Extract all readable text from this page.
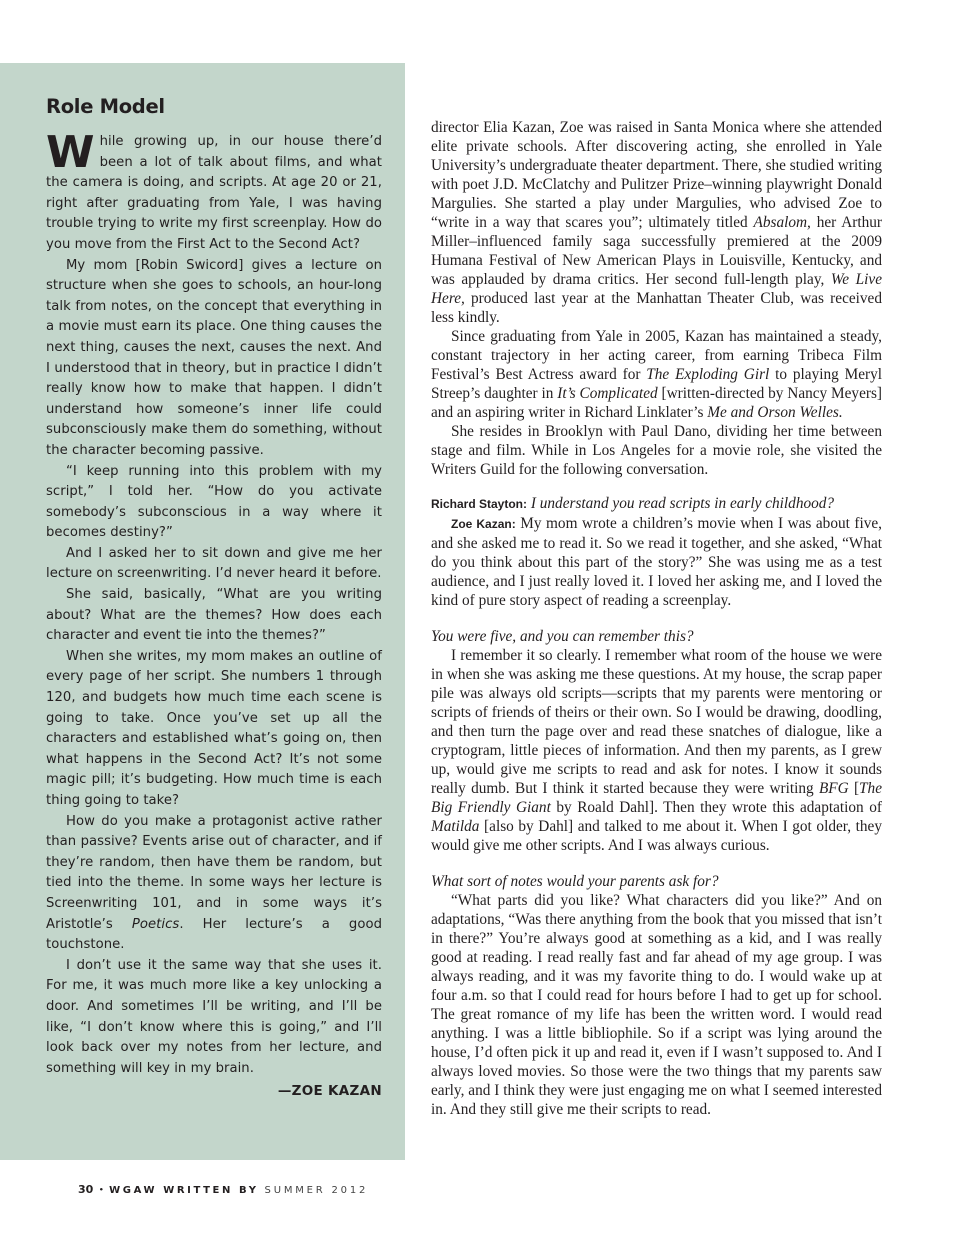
Role Model

While growing up, in our house there’d been a lot of talk about films, and what the camera is doing, and scripts. At age 20 or 21, right after graduating from Yale, I was having trouble trying to write my first screenplay. How do you move from the First Act to the Second Act?

My mom [Robin Swicord] gives a lecture on structure when she goes to schools, an hour-long talk from notes, on the concept that everything in a movie must earn its place. One thing causes the next thing, causes the next, causes the next. And I understood that in theory, but in practice I didn’t really know how to make that happen. I didn’t understand how someone’s inner life could subconsciously make them do something, without the character becoming passive.

“I keep running into this problem with my script,” I told her. “How do you activate somebody’s subconscious in a way where it becomes destiny?”

And I asked her to sit down and give me her lecture on screenwriting. I’d never heard it before.

She said, basically, “What are you writing about? What are the themes? How does each character and event tie into the themes?”

When she writes, my mom makes an outline of every page of her script. She numbers 1 through 120, and budgets how much time each scene is going to take. Once you’ve set up all the characters and established what’s going on, then what happens in the Second Act? It’s not some magic pill; it’s budgeting. How much time is each thing going to take?

How do you make a protagonist active rather than passive? Events arise out of character, and if they’re random, then have them be random, but tied into the theme. In some ways her lecture is Screenwriting 101, and in some ways it’s Aristotle’s Poetics. Her lecture’s a good touchstone.

I don’t use it the same way that she uses it. For me, it was much more like a key unlocking a door. And sometimes I’ll be writing, and I’ll be like, “I don’t know where this is going,” and I’ll look back over my notes from her lecture, and something will key in my brain.

—ZOE KAZAN

director Elia Kazan, Zoe was raised in Santa Monica where she attended elite private schools. After discovering acting, she enrolled in Yale University’s undergraduate theater department. There, she studied writing with poet J.D. McClatchy and Pulitzer Prize–winning playwright Donald Margulies. She started a play under Margulies, who advised Zoe to “write in a way that scares you”; ultimately titled Absalom, her Arthur Miller–influenced family saga successfully premiered at the 2009 Humana Festival of New American Plays in Louisville, Kentucky, and was applauded by drama critics. Her second full-length play, We Live Here, produced last year at the Manhattan Theater Club, was received less kindly.

Since graduating from Yale in 2005, Kazan has maintained a steady, constant trajectory in her acting career, from earning Tribeca Film Festival’s Best Actress award for The Exploding Girl to playing Meryl Streep’s daughter in It’s Complicated [written-directed by Nancy Meyers] and an aspiring writer in Richard Linklater’s Me and Orson Welles.

She resides in Brooklyn with Paul Dano, dividing her time between stage and film. While in Los Angeles for a movie role, she visited the Writers Guild for the following conversation.

Richard Stayton: I understand you read scripts in early childhood?

Zoe Kazan: My mom wrote a children’s movie when I was about five, and she asked me to read it. So we read it together, and she asked, “What do you think about this part of the story?” She was using me as a test audience, and I just really loved it. I loved her asking me, and I loved the kind of pure story aspect of reading a screenplay.

You were five, and you can remember this?

I remember it so clearly. I remember what room of the house we were in when she was asking me these questions. At my house, the scrap paper pile was always old scripts—scripts that my parents were mentoring or scripts of friends of theirs or their own. So I would be drawing, doodling, and then turn the page over and read these snatches of dialogue, like a cryptogram, little pieces of information. And then my parents, as I grew up, would give me scripts to read and ask for notes. I know it sounds really dumb. But I think it started because they were writing BFG [The Big Friendly Giant by Roald Dahl]. Then they wrote this adaptation of Matilda [also by Dahl] and talked to me about it. When I got older, they would give me other scripts. And I was always curious.

What sort of notes would your parents ask for?

“What parts did you like? What characters did you like?” And on adaptations, “Was there anything from the book that you missed that isn’t in there?” You’re always good at something as a kid, and I was really good at reading. I read really fast and far ahead of my age group. I was always reading, and it was my favorite thing to do. I would wake up at four a.m. so that I could read for hours before I had to get up for school. The great romance of my life has been the written word. I would read anything. I was a little bibliophile. So if a script was lying around the house, I’d often pick it up and read it, even if I wasn’t supposed to. And I always loved movies. So those were the two things that my parents saw early, and I think they were just engaging me on what I seemed interested in. And they still give me their scripts to read.

30 • WGAW WRITTEN BY SUMMER 2012
